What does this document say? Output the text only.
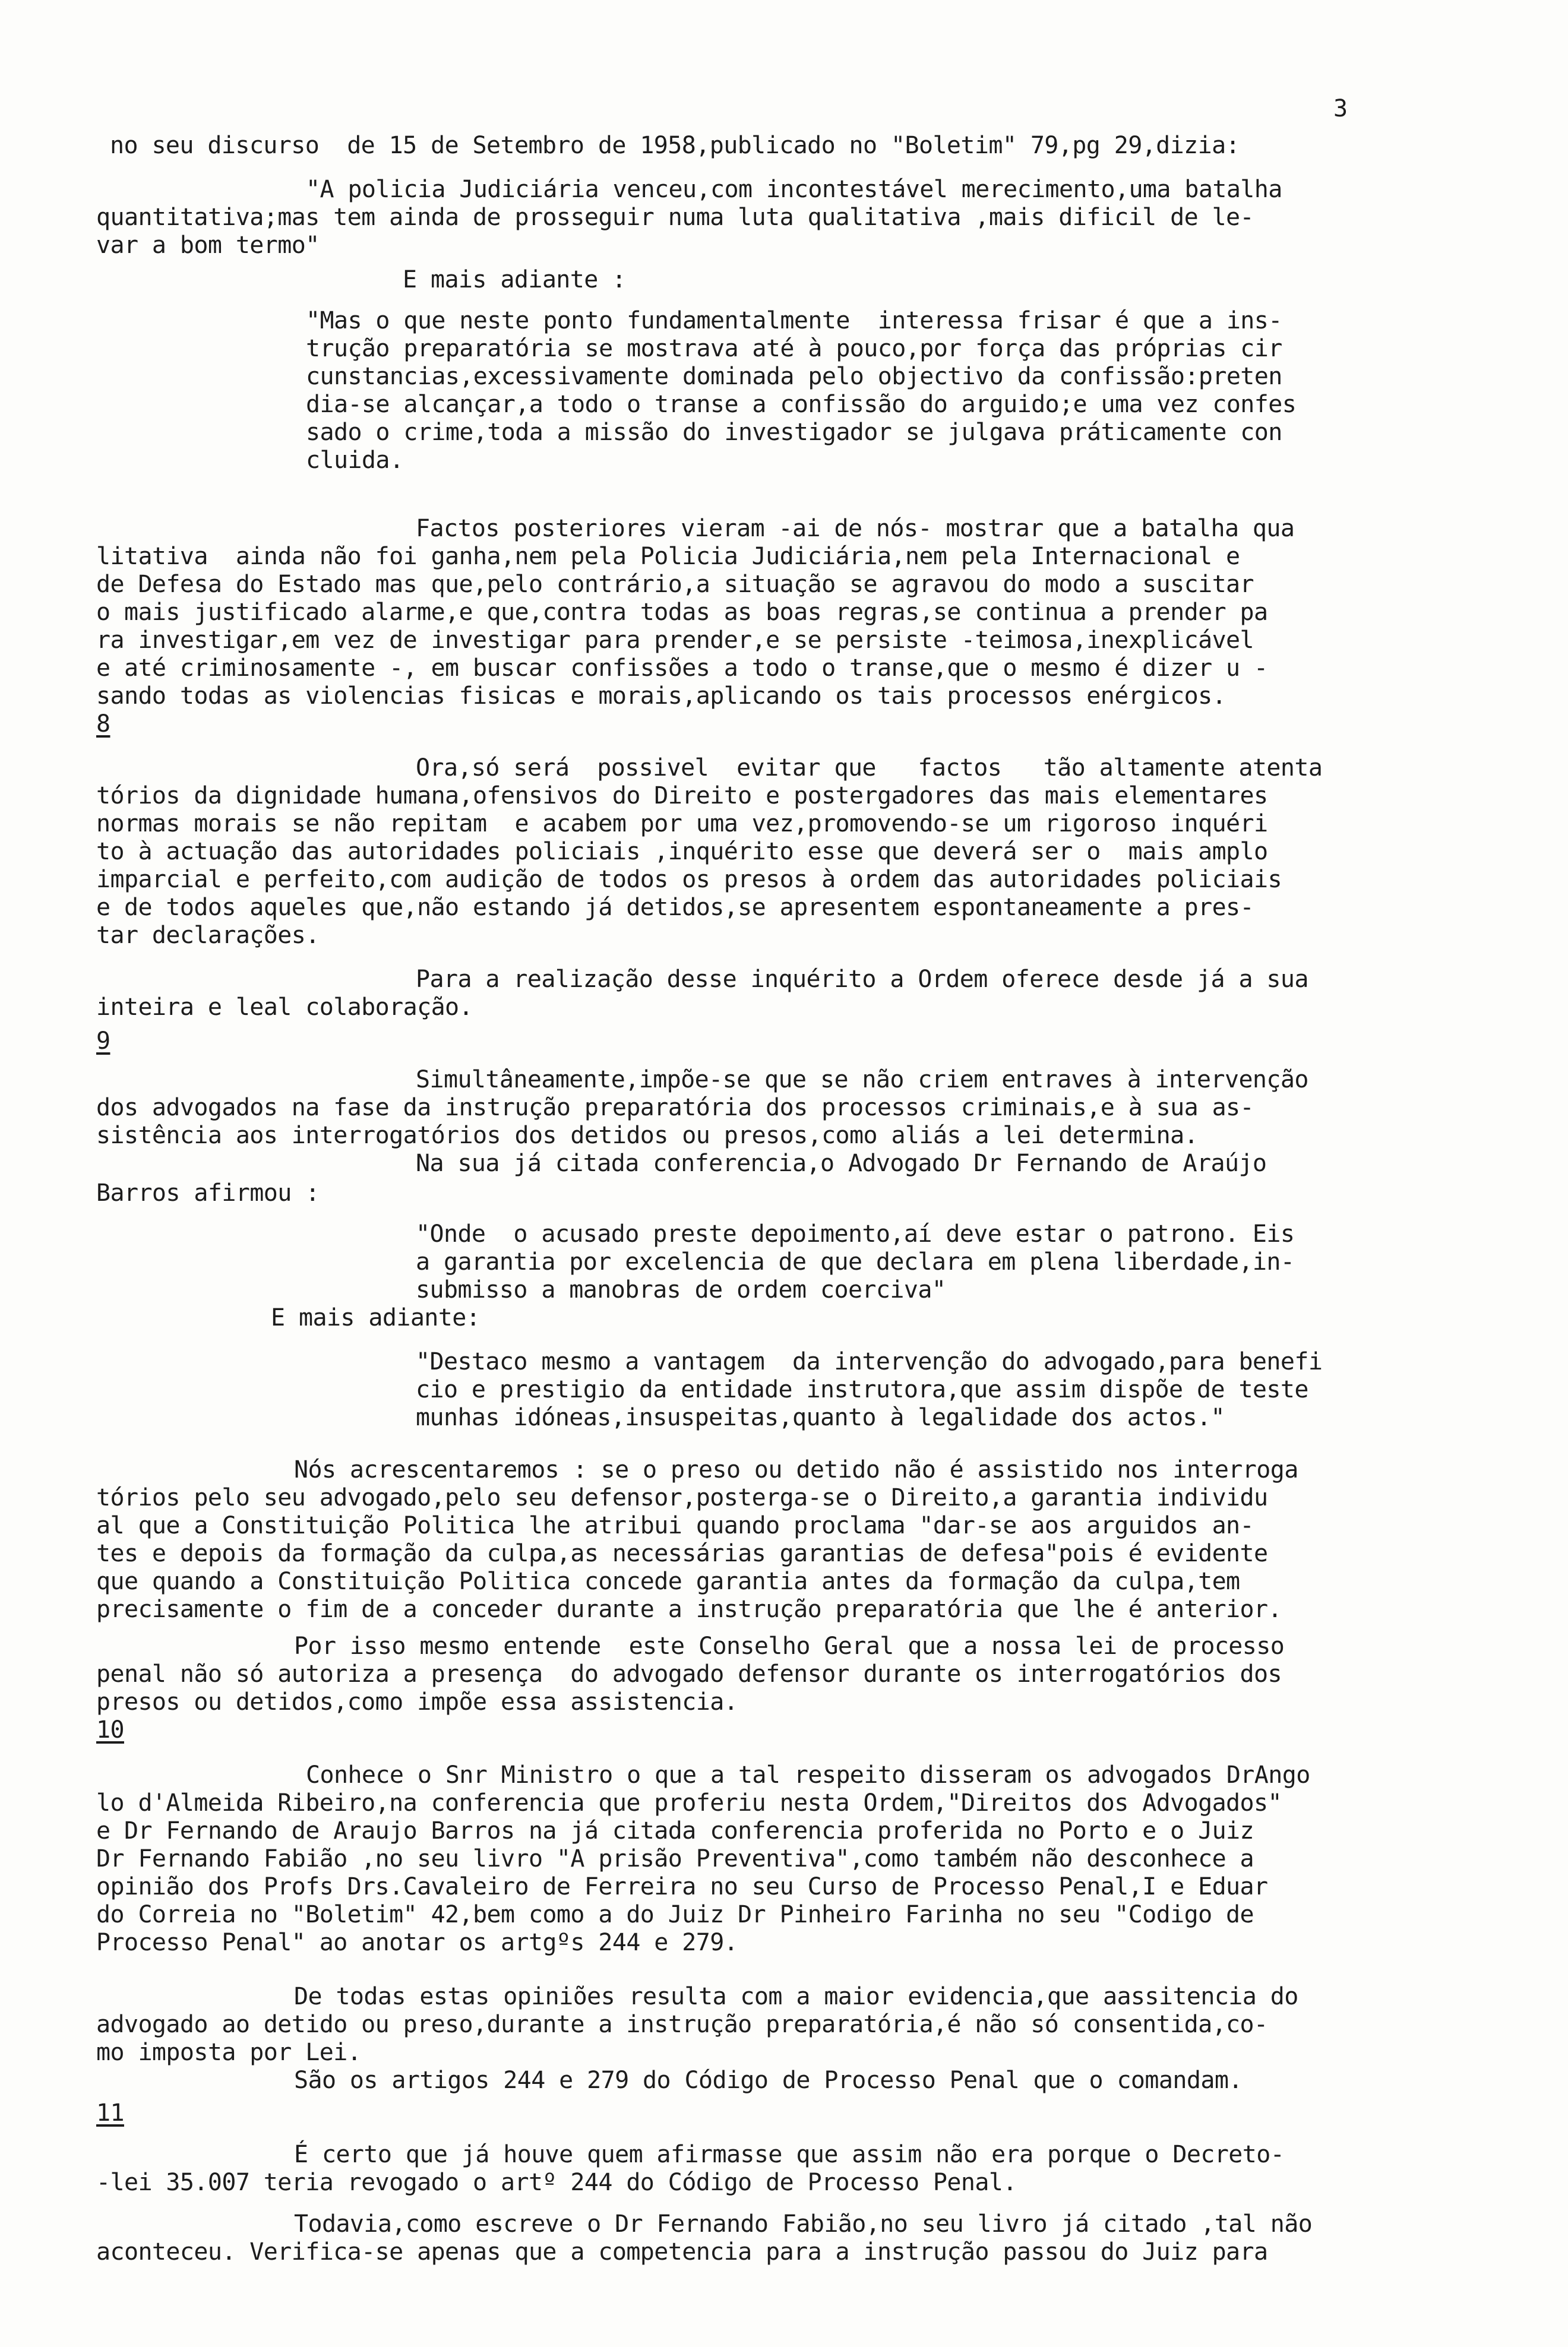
3
no seu discurso  de 15 de Setembro de 1958,publicado no "Boletim" 79,pg 29,dizia:
"A policia Judiciária venceu,com incontestável merecimento,uma batalha
quantitativa;mas tem ainda de prosseguir numa luta qualitativa ,mais dificil de le-
var a bom termo"
E mais adiante :
"Mas o que neste ponto fundamentalmente  interessa frisar é que a ins-
trução preparatória se mostrava até à pouco,por força das próprias cir
cunstancias,excessivamente dominada pelo objectivo da confissão:preten
dia-se alcançar,a todo o transe a confissão do arguido;e uma vez confes
sado o crime,toda a missão do investigador se julgava práticamente con
cluida.
Factos posteriores vieram -ai de nós- mostrar que a batalha qua
litativa  ainda não foi ganha,nem pela Policia Judiciária,nem pela Internacional e
de Defesa do Estado mas que,pelo contrário,a situação se agravou do modo a suscitar
o mais justificado alarme,e que,contra todas as boas regras,se continua a prender pa
ra investigar,em vez de investigar para prender,e se persiste -teimosa,inexplicável
e até criminosamente -, em buscar confissões a todo o transe,que o mesmo é dizer u -
sando todas as violencias fisicas e morais,aplicando os tais processos enérgicos.
8
Ora,só será  possivel  evitar que   factos   tão altamente atenta
tórios da dignidade humana,ofensivos do Direito e postergadores das mais elementares
normas morais se não repitam  e acabem por uma vez,promovendo-se um rigoroso inquéri
to à actuação das autoridades policiais ,inquérito esse que deverá ser o  mais amplo
imparcial e perfeito,com audição de todos os presos à ordem das autoridades policiais
e de todos aqueles que,não estando já detidos,se apresentem espontaneamente a pres-
tar declarações.
Para a realização desse inquérito a Ordem oferece desde já a sua
inteira e leal colaboração.
9
Simultâneamente,impõe-se que se não criem entraves à intervenção
dos advogados na fase da instrução preparatória dos processos criminais,e à sua as-
sistência aos interrogatórios dos detidos ou presos,como aliás a lei determina.
Na sua já citada conferencia,o Advogado Dr Fernando de Araújo
Barros afirmou :
"Onde  o acusado preste depoimento,aí deve estar o patrono. Eis
a garantia por excelencia de que declara em plena liberdade,in-
submisso a manobras de ordem coerciva"
E mais adiante:
"Destaco mesmo a vantagem  da intervenção do advogado,para benefi
cio e prestigio da entidade instrutora,que assim dispõe de teste
munhas idóneas,insuspeitas,quanto à legalidade dos actos."
Nós acrescentaremos : se o preso ou detido não é assistido nos interroga
tórios pelo seu advogado,pelo seu defensor,posterga-se o Direito,a garantia individu
al que a Constituição Politica lhe atribui quando proclama "dar-se aos arguidos an-
tes e depois da formação da culpa,as necessárias garantias de defesa"pois é evidente
que quando a Constituição Politica concede garantia antes da formação da culpa,tem
precisamente o fim de a conceder durante a instrução preparatória que lhe é anterior.
Por isso mesmo entende  este Conselho Geral que a nossa lei de processo
penal não só autoriza a presença  do advogado defensor durante os interrogatórios dos
presos ou detidos,como impõe essa assistencia.
10
Conhece o Snr Ministro o que a tal respeito disseram os advogados DrAngo
lo d'Almeida Ribeiro,na conferencia que proferiu nesta Ordem,"Direitos dos Advogados"
e Dr Fernando de Araujo Barros na já citada conferencia proferida no Porto e o Juiz
Dr Fernando Fabião ,no seu livro "A prisão Preventiva",como também não desconhece a
opinião dos Profs Drs.Cavaleiro de Ferreira no seu Curso de Processo Penal,I e Eduar
do Correia no "Boletim" 42,bem como a do Juiz Dr Pinheiro Farinha no seu "Codigo de
Processo Penal" ao anotar os artgºs 244 e 279.
De todas estas opiniões resulta com a maior evidencia,que aassitencia do
advogado ao detido ou preso,durante a instrução preparatória,é não só consentida,co-
mo imposta por Lei.
São os artigos 244 e 279 do Código de Processo Penal que o comandam.
11
É certo que já houve quem afirmasse que assim não era porque o Decreto-
-lei 35.007 teria revogado o artº 244 do Código de Processo Penal.
Todavia,como escreve o Dr Fernando Fabião,no seu livro já citado ,tal não
aconteceu. Verifica-se apenas que a competencia para a instrução passou do Juiz para
